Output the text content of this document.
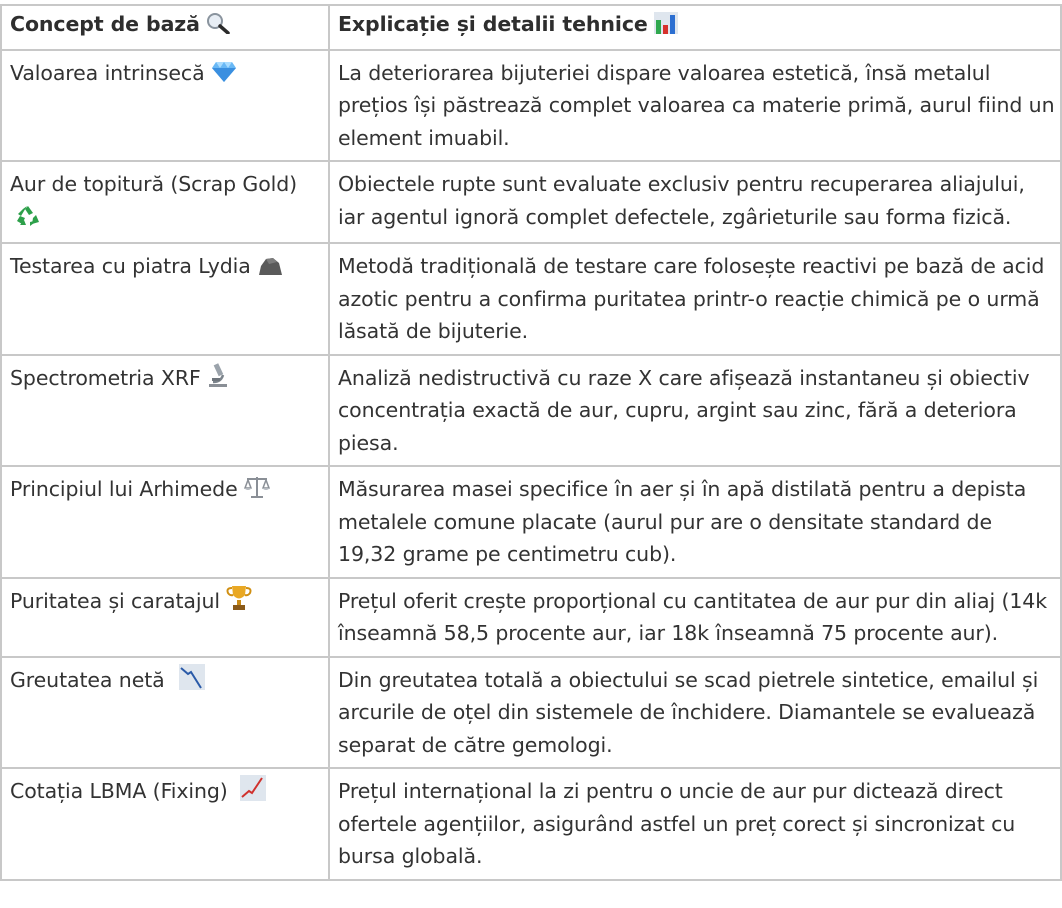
Concept de bază	Explicație și detalii tehnice
Valoarea intrinsecă	La deteriorarea bijuteriei dispare valoarea estetică, însă metalul prețios își păstrează complet valoarea ca materie primă, aurul fiind un element imuabil.
Aur de topitură (Scrap Gold)	Obiectele rupte sunt evaluate exclusiv pentru recuperarea aliajului, iar agentul ignoră complet defectele, zgârieturile sau forma fizică.
Testarea cu piatra Lydia	Metodă tradițională de testare care folosește reactivi pe bază de acid azotic pentru a confirma puritatea printr-o reacție chimică pe o urmă lăsată de bijuterie.
Spectrometria XRF	Analiză nedistructivă cu raze X care afișează instantaneu și obiectiv concentrația exactă de aur, cupru, argint sau zinc, fără a deteriora piesa.
Principiul lui Arhimede	Măsurarea masei specifice în aer și în apă distilată pentru a depista metalele comune placate (aurul pur are o densitate standard de 19,32 grame pe centimetru cub).
Puritatea și caratajul	Prețul oferit crește proporțional cu cantitatea de aur pur din aliaj (14k înseamnă 58,5 procente aur, iar 18k înseamnă 75 procente aur).
Greutatea netă	Din greutatea totală a obiectului se scad pietrele sintetice, emailul și arcurile de oțel din sistemele de închidere. Diamantele se evaluează separat de către gemologi.
Cotația LBMA (Fixing)	Prețul internațional la zi pentru o uncie de aur pur dictează direct ofertele agențiilor, asigurând astfel un preț corect și sincronizat cu bursa globală.
